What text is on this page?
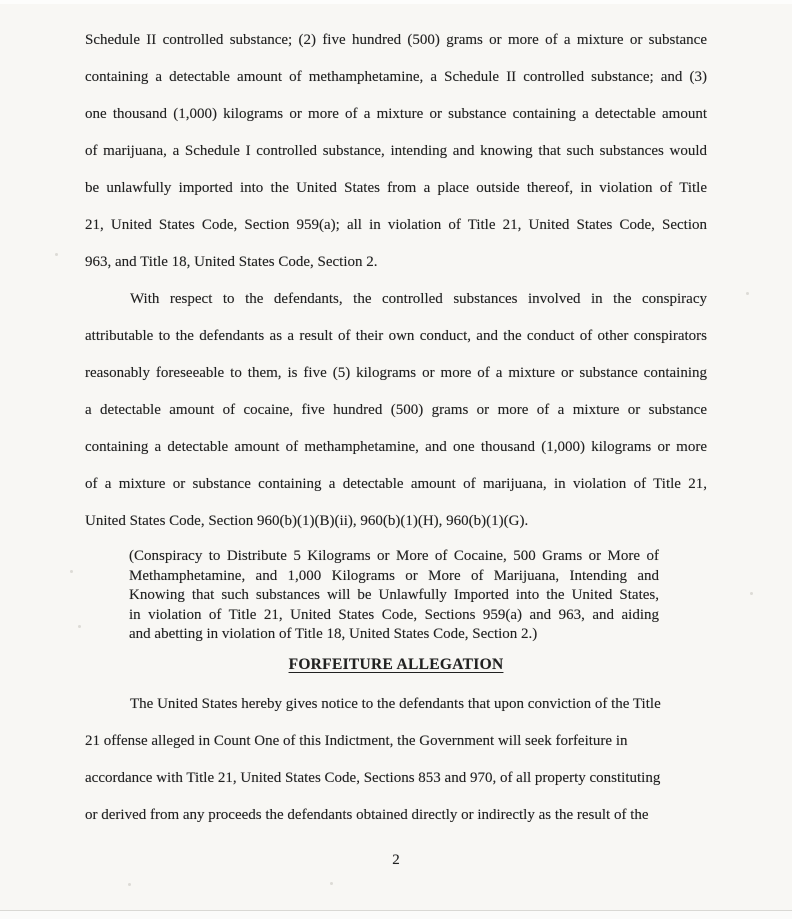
Schedule II controlled substance; (2) five hundred (500) grams or more of a mixture or substance
containing a detectable amount of methamphetamine, a Schedule II controlled substance; and (3)
one thousand (1,000) kilograms or more of a mixture or substance containing a detectable amount
of marijuana, a Schedule I controlled substance, intending and knowing that such substances would
be unlawfully imported into the United States from a place outside thereof, in violation of Title
21, United States Code, Section 959(a); all in violation of Title 21, United States Code, Section
963, and Title 18, United States Code, Section 2.
With respect to the defendants, the controlled substances involved in the conspiracy
attributable to the defendants as a result of their own conduct, and the conduct of other conspirators
reasonably foreseeable to them, is five (5) kilograms or more of a mixture or substance containing
a detectable amount of cocaine, five hundred (500) grams or more of a mixture or substance
containing a detectable amount of methamphetamine, and one thousand (1,000) kilograms or more
of a mixture or substance containing a detectable amount of marijuana, in violation of Title 21,
United States Code, Section 960(b)(1)(B)(ii), 960(b)(1)(H), 960(b)(1)(G).
(Conspiracy to Distribute 5 Kilograms or More of Cocaine, 500 Grams or More of
Methamphetamine, and 1,000 Kilograms or More of Marijuana, Intending and
Knowing that such substances will be Unlawfully Imported into the United States,
in violation of Title 21, United States Code, Sections 959(a) and 963, and aiding
and abetting in violation of Title 18, United States Code, Section 2.)
FORFEITURE ALLEGATION
The United States hereby gives notice to the defendants that upon conviction of the Title
21 offense alleged in Count One of this Indictment, the Government will seek forfeiture in
accordance with Title 21, United States Code, Sections 853 and 970, of all property constituting
or derived from any proceeds the defendants obtained directly or indirectly as the result of the
2
